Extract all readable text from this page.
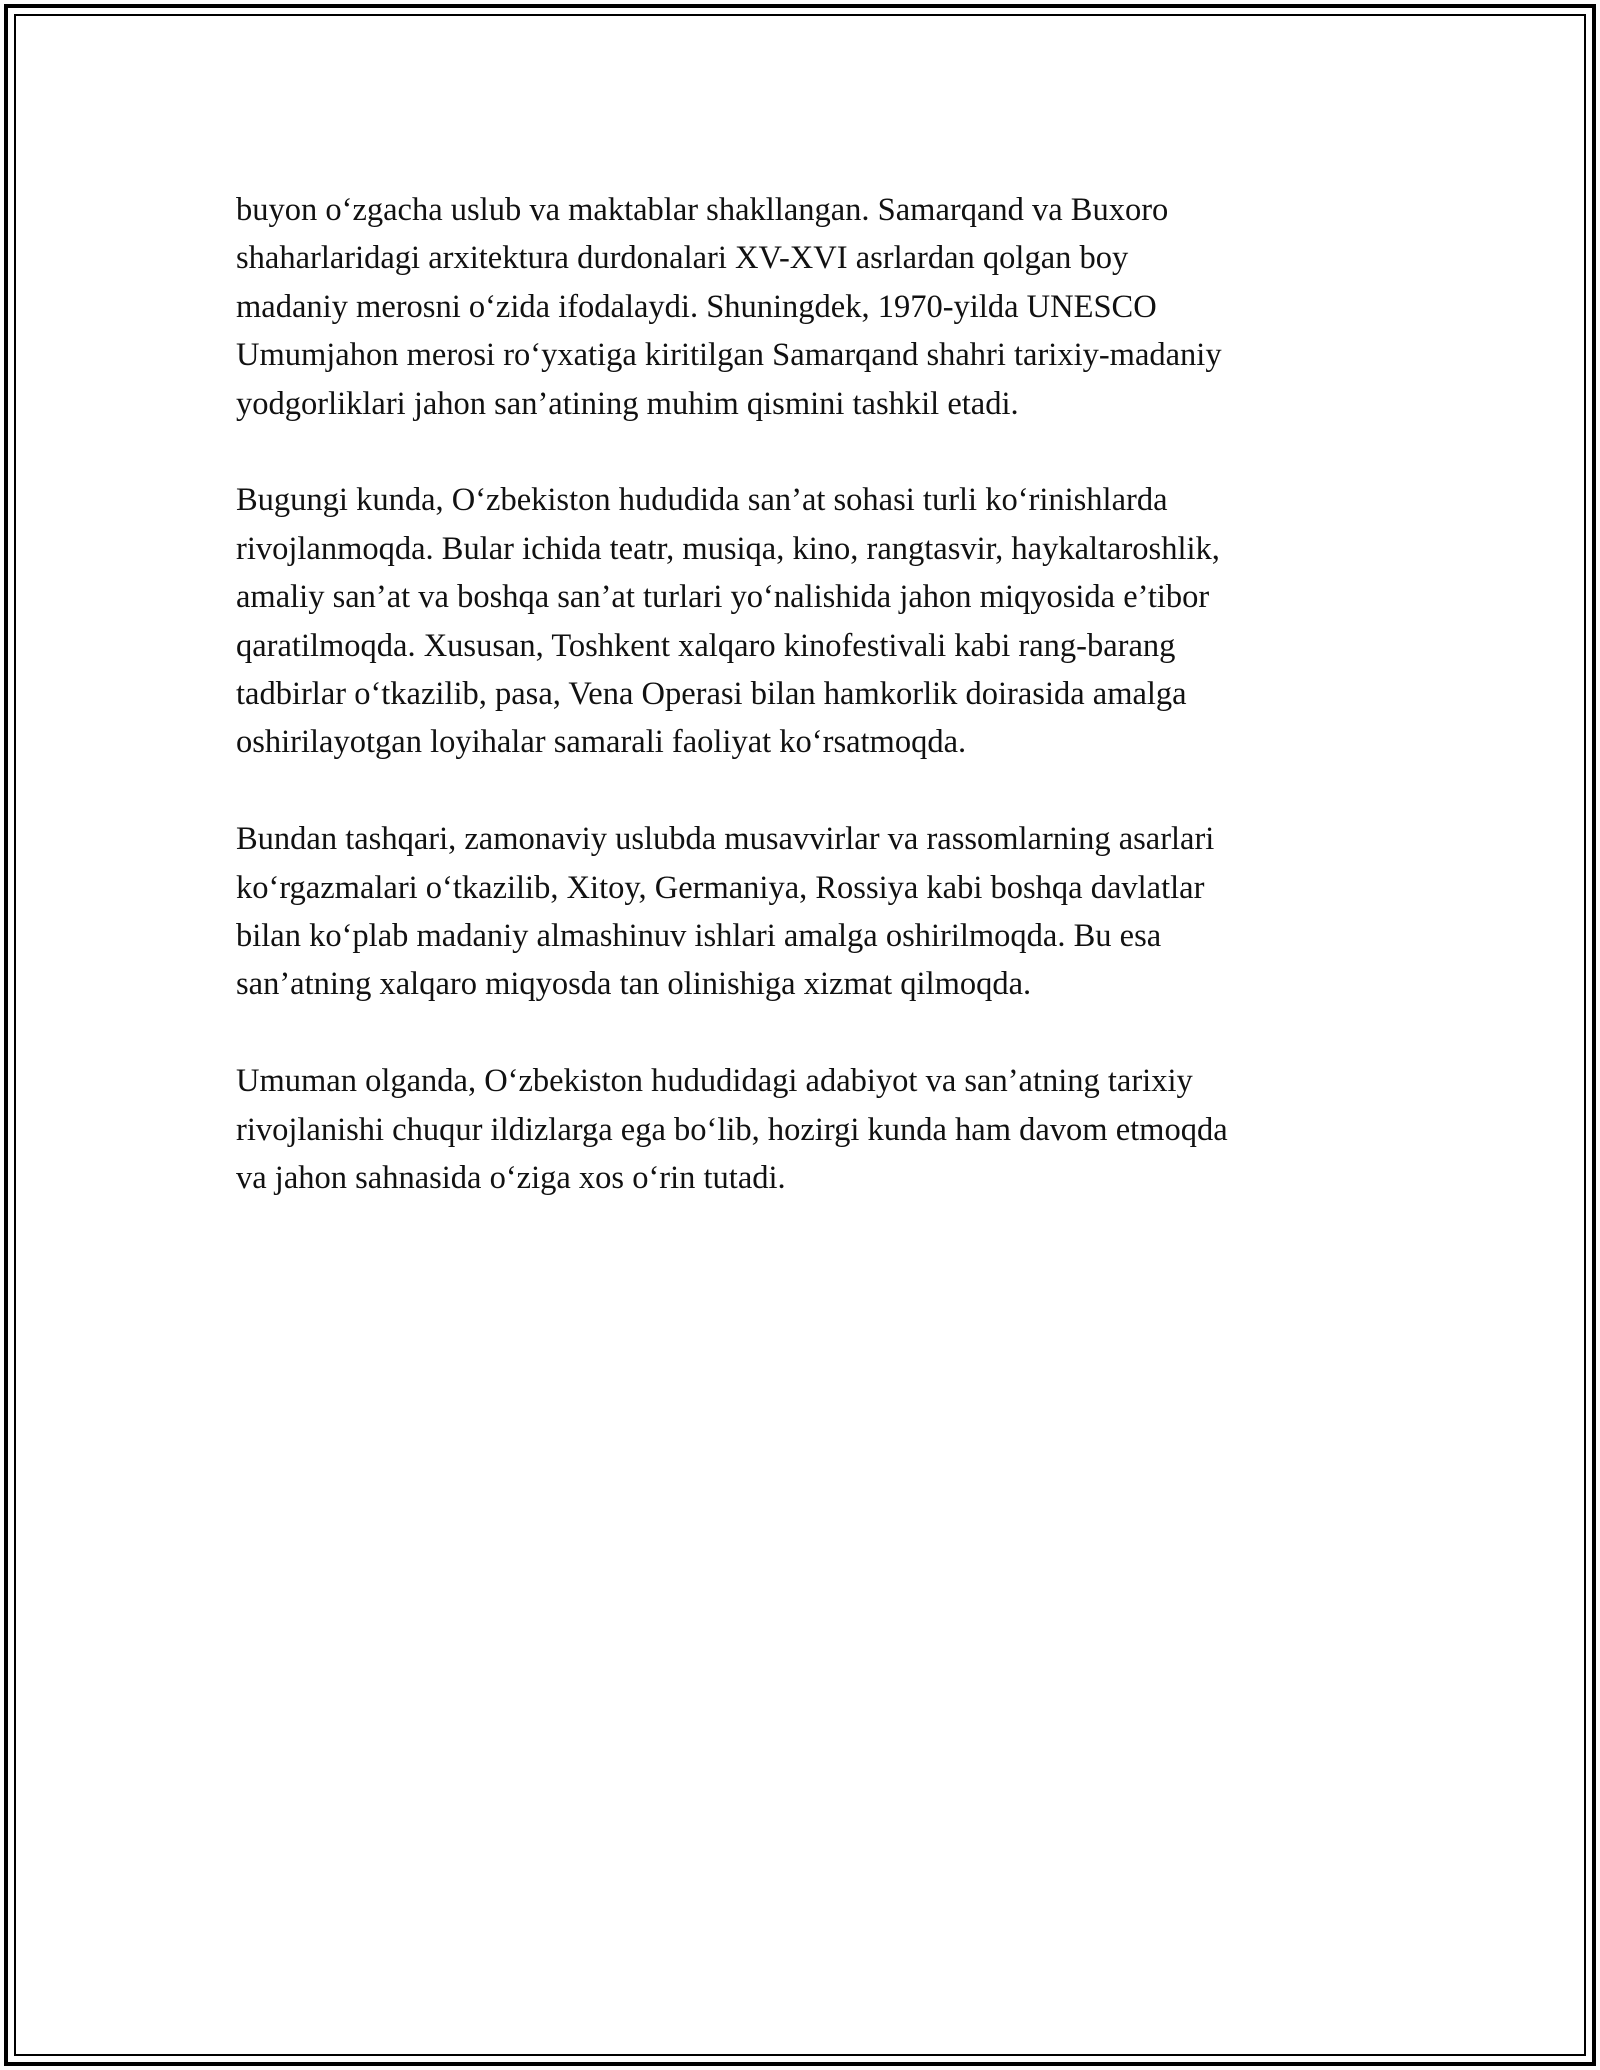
buyon o‘zgacha uslub va maktablar shakllangan. Samarqand va Buxoro
shaharlaridagi arxitektura durdonalari XV-XVI asrlardan qolgan boy
madaniy merosni o‘zida ifodalaydi. Shuningdek, 1970-yilda UNESCO
Umumjahon merosi ro‘yxatiga kiritilgan Samarqand shahri tarixiy-madaniy
yodgorliklari jahon san’atining muhim qismini tashkil etadi.

Bugungi kunda, O‘zbekiston hududida san’at sohasi turli ko‘rinishlarda
rivojlanmoqda. Bular ichida teatr, musiqa, kino, rangtasvir, haykaltaroshlik,
amaliy san’at va boshqa san’at turlari yo‘nalishida jahon miqyosida e’tibor
qaratilmoqda. Xususan, Toshkent xalqaro kinofestivali kabi rang-barang
tadbirlar o‘tkazilib, pasa, Vena Operasi bilan hamkorlik doirasida amalga
oshirilayotgan loyihalar samarali faoliyat ko‘rsatmoqda.

Bundan tashqari, zamonaviy uslubda musavvirlar va rassomlarning asarlari
ko‘rgazmalari o‘tkazilib, Xitoy, Germaniya, Rossiya kabi boshqa davlatlar
bilan ko‘plab madaniy almashinuv ishlari amalga oshirilmoqda. Bu esa
san’atning xalqaro miqyosda tan olinishiga xizmat qilmoqda.

Umuman olganda, O‘zbekiston hududidagi adabiyot va san’atning tarixiy
rivojlanishi chuqur ildizlarga ega bo‘lib, hozirgi kunda ham davom etmoqda
va jahon sahnasida o‘ziga xos o‘rin tutadi.
